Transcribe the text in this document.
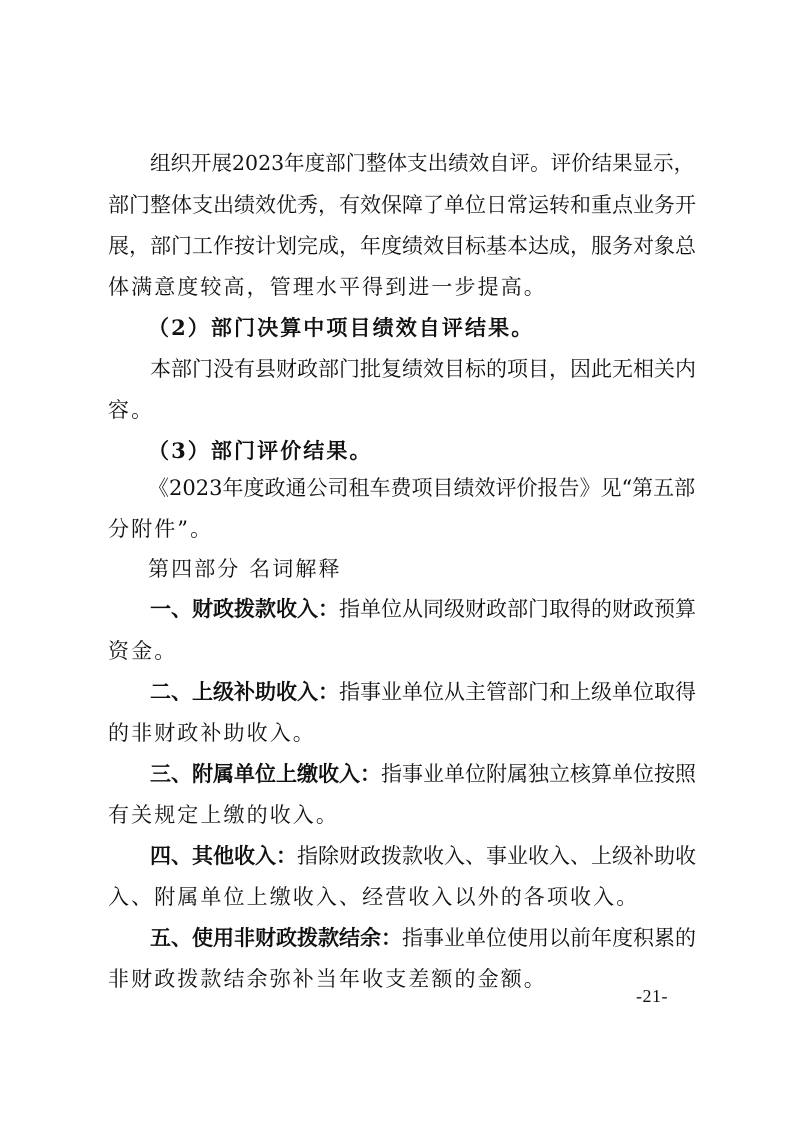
组织开展2023年度部门整体支出绩效自评。评价结果显示，
部门整体支出绩效优秀，有效保障了单位日常运转和重点业务开
展，部门工作按计划完成，年度绩效目标基本达成，服务对象总
体满意度较高，管理水平得到进一步提高。
（2）部门决算中项目绩效自评结果。
本部门没有县财政部门批复绩效目标的项目，因此无相关内
容。
（3）部门评价结果。
《2023年度政通公司租车费项目绩效评价报告》见“第五部
分附件”。
第四部分 名词解释
一、财政拨款收入：指单位从同级财政部门取得的财政预算
资金。
二、上级补助收入：指事业单位从主管部门和上级单位取得
的非财政补助收入。
三、附属单位上缴收入：指事业单位附属独立核算单位按照
有关规定上缴的收入。
四、其他收入：指除财政拨款收入、事业收入、上级补助收
入、附属单位上缴收入、经营收入以外的各项收入。
五、使用非财政拨款结余：指事业单位使用以前年度积累的
非财政拨款结余弥补当年收支差额的金额。
-21-
